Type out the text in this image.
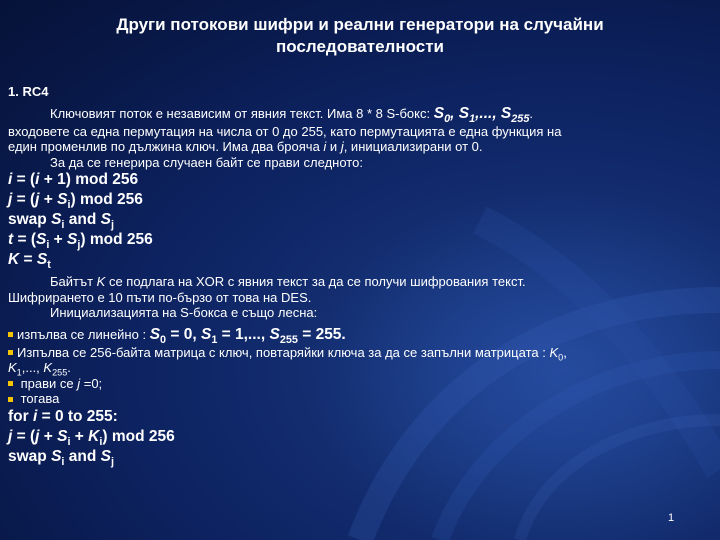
Други потокови шифри и реални генератори на случайни
последователности
1. RC4
Ключовият поток е независим от явния текст. Има 8 * 8 S-бокс: $S_0$, $S_1$,..., $S_{255}$.
входовете са една пермутация на числа от 0 до 255, като пермутацията е една функция на
един променлив по дължина ключ. Има два брояча i и j, инициализирани от 0.
За да се генерира случаен байт се прави следното:
i = (i + 1) mod 256
$j = (j + S_i)$ mod 256
swap $S_i$ and $S_j$
$t = (S_i + S_j)$ mod 256
$K = S_t$
Байтът K се подлага на XOR с явния текст за да се получи шифрования текст.
Шифрирането е 10 пъти по-бързо от това на DES.
Инициализацията на S-бокса е също лесна:
изпълва се линейно : $S_0 = 0$, $S_1 = 1$,..., $S_{255} = 255$.
Изпълва се 256-байта матрица с ключ, повтаряйки ключа за да се запълни матрицата : $K_0$,
$K_1$,..., $K_{255}$.
прави се j =0;
тогава
for i = 0 to 255:
$j = (j + S_i + K_i)$ mod 256
swap $S_i$ and $S_j$
1
